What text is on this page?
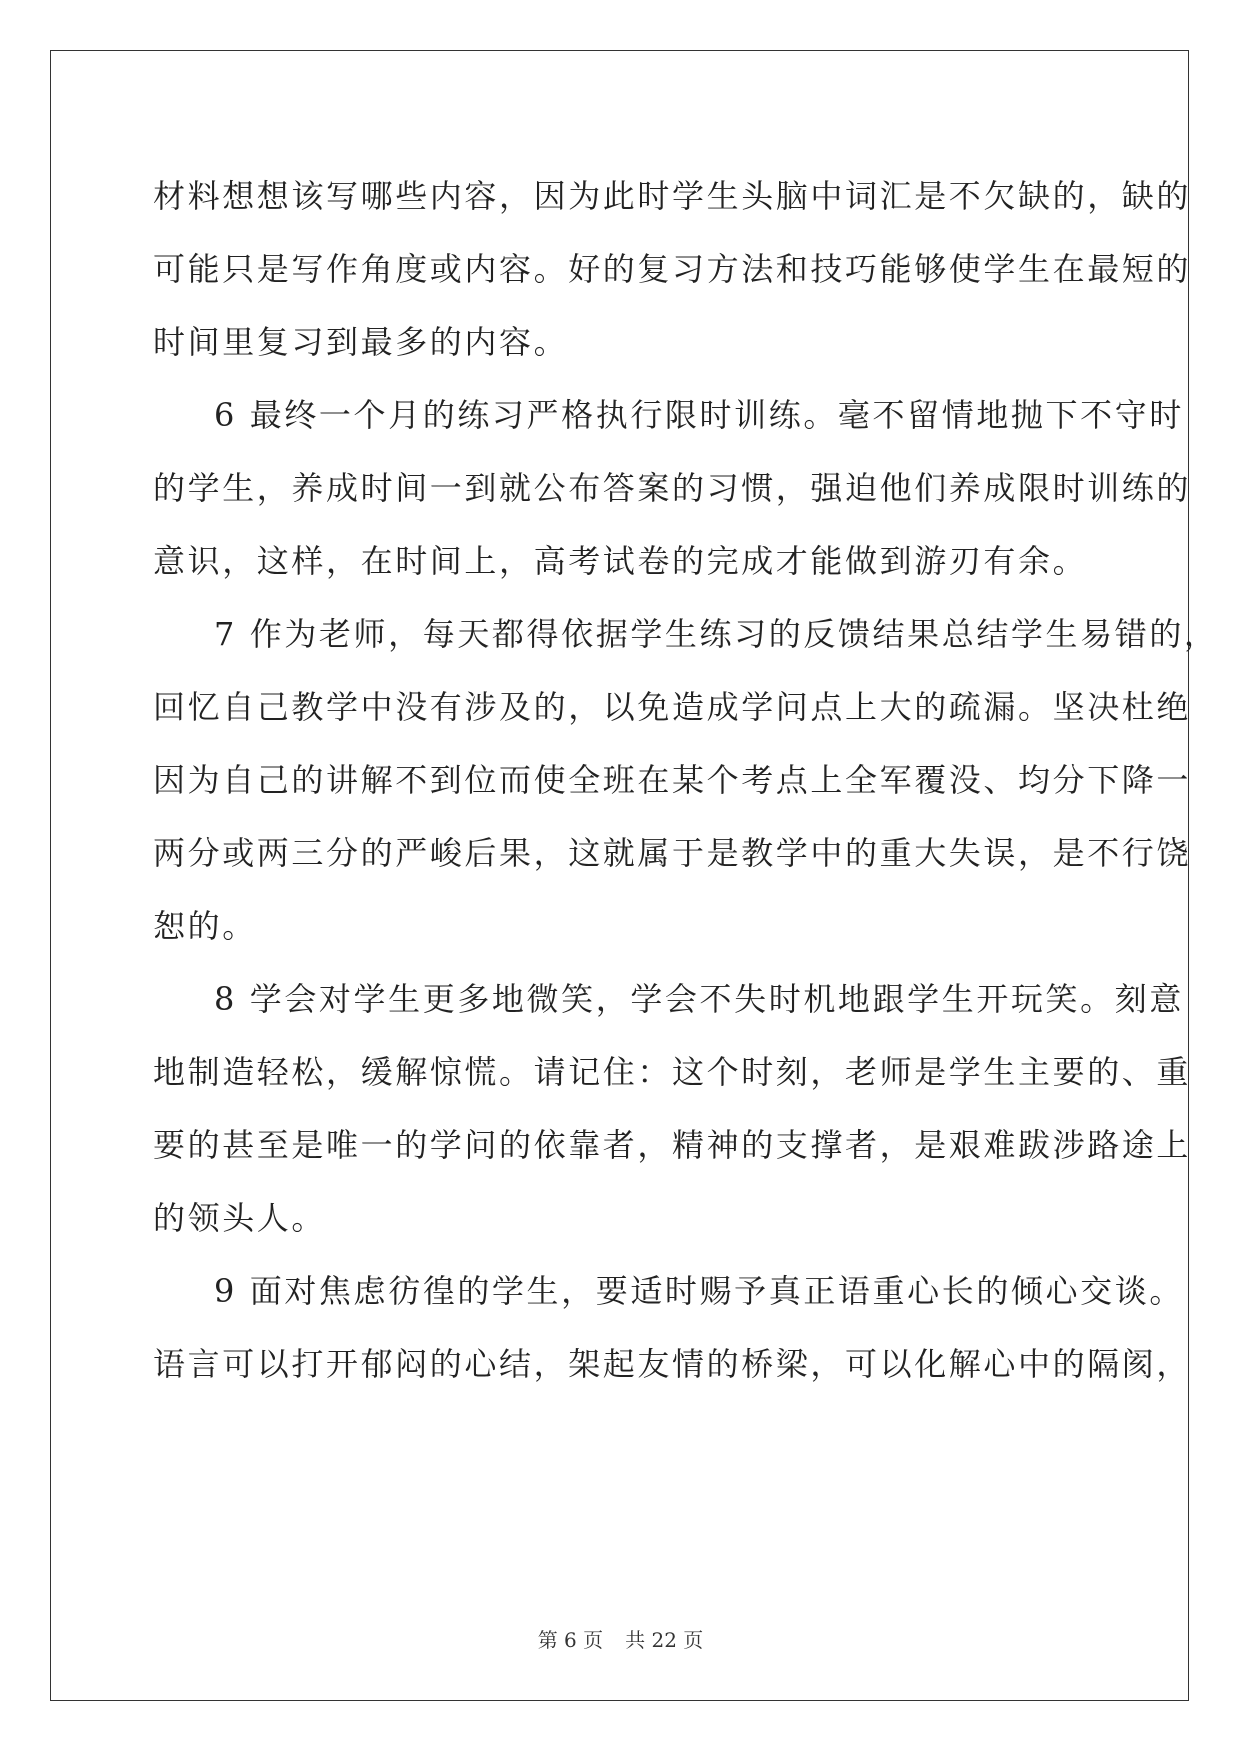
材料想想该写哪些内容，因为此时学生头脑中词汇是不欠缺的，缺的
可能只是写作角度或内容。好的复习方法和技巧能够使学生在最短的
时间里复习到最多的内容。
6 最终一个月的练习严格执行限时训练。毫不留情地抛下不守时
的学生，养成时间一到就公布答案的习惯，强迫他们养成限时训练的
意识，这样，在时间上，高考试卷的完成才能做到游刃有余。
7 作为老师，每天都得依据学生练习的反馈结果总结学生易错的，
回忆自己教学中没有涉及的，以免造成学问点上大的疏漏。坚决杜绝
因为自己的讲解不到位而使全班在某个考点上全军覆没、均分下降一
两分或两三分的严峻后果，这就属于是教学中的重大失误，是不行饶
恕的。
8 学会对学生更多地微笑，学会不失时机地跟学生开玩笑。刻意
地制造轻松，缓解惊慌。请记住：这个时刻，老师是学生主要的、重
要的甚至是唯一的学问的依靠者，精神的支撑者，是艰难跋涉路途上
的领头人。
9 面对焦虑彷徨的学生，要适时赐予真正语重心长的倾心交谈。
语言可以打开郁闷的心结，架起友情的桥梁，可以化解心中的隔阂，
第 6 页 共 22 页
